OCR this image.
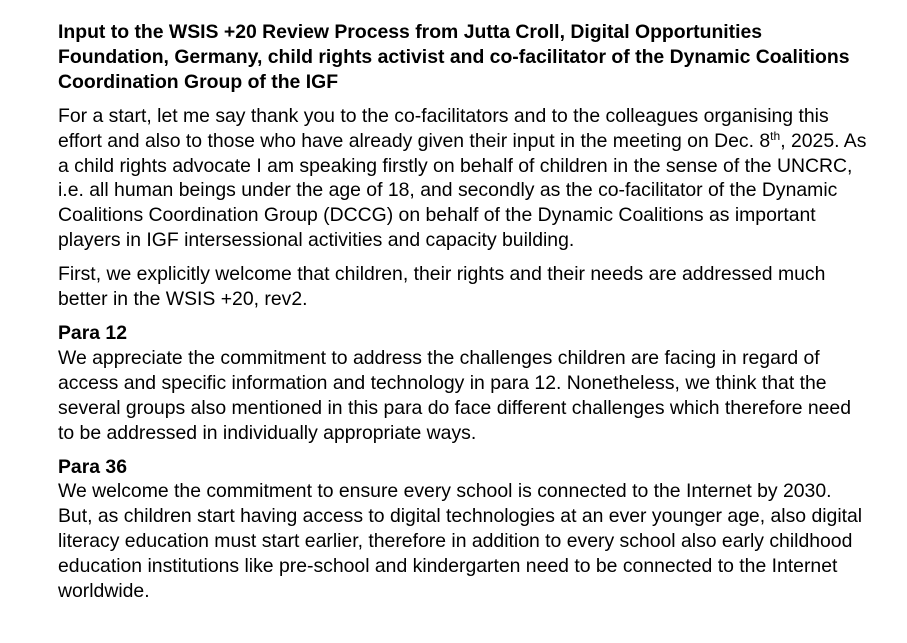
Input to the WSIS +20 Review Process from Jutta Croll, Digital Opportunities Foundation, Germany, child rights activist and co-facilitator of the Dynamic Coalitions Coordination Group of the IGF

For a start, let me say thank you to the co-facilitators and to the colleagues organising this effort and also to those who have already given their input in the meeting on Dec. 8th, 2025. As a child rights advocate I am speaking firstly on behalf of children in the sense of the UNCRC, i.e. all human beings under the age of 18, and secondly as the co-facilitator of the Dynamic Coalitions Coordination Group (DCCG) on behalf of the Dynamic Coalitions as important players in IGF intersessional activities and capacity building.

First, we explicitly welcome that children, their rights and their needs are addressed much better in the WSIS +20, rev2.

Para 12
We appreciate the commitment to address the challenges children are facing in regard of access and specific information and technology in para 12. Nonetheless, we think that the several groups also mentioned in this para do face different challenges which therefore need to be addressed in individually appropriate ways.

Para 36
We welcome the commitment to ensure every school is connected to the Internet by 2030. But, as children start having access to digital technologies at an ever younger age, also digital literacy education must start earlier, therefore in addition to every school also early childhood education institutions like pre-school and kindergarten need to be connected to the Internet worldwide.
